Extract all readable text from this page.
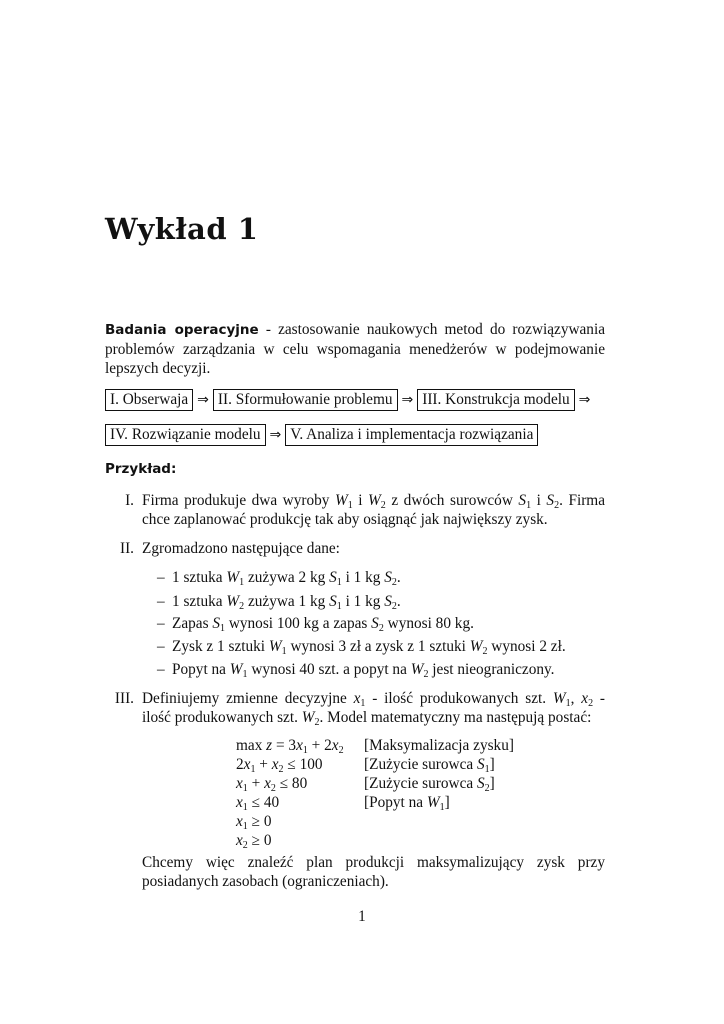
Wykład 1

Badania operacyjne - zastosowanie naukowych metod do rozwiązywania problemów zarządzania w celu wspomagania menedżerów w podejmowanie lepszych decyzji.

I. Obserwaja ⇒ II. Sformułowanie problemu ⇒ III. Konstrukcja modelu ⇒
IV. Rozwiązanie modelu ⇒ V. Analiza i implementacja rozwiązania
Przykład:
I. Firma produkuje dwa wyroby $W_1$ i $W_2$ z dwóch surowców $S_1$ i $S_2$. Firma chce zaplanować produkcję tak aby osiągnąć jak największy zysk.

II. Zgromadzono następujące dane:

– 1 sztuka $W_1$ zużywa 2 kg $S_1$ i 1 kg $S_2$.

– 1 sztuka $W_2$ zużywa 1 kg $S_1$ i 1 kg $S_2$.

– Zapas $S_1$ wynosi 100 kg a zapas $S_2$ wynosi 80 kg.

– Zysk z 1 sztuki $W_1$ wynosi 3 zł a zysk z 1 sztuki $W_2$ wynosi 2 zł.

– Popyt na $W_1$ wynosi 40 szt. a popyt na $W_2$ jest nieograniczony.

III. Definiujemy zmienne decyzyjne $x_1$ - ilość produkowanych szt. $W_1$, $x_2$ - ilość produkowanych szt. $W_2$. Model matematyczny ma następują postać:

$\max z = 3x_1 + 2x_2$	[Maksymalizacja zysku]
$2x_1 + x_2 \le 100$	[Zużycie surowca $S_1$]
$x_1 + x_2 \le 80$	[Zużycie surowca $S_2$]
$x_1 \le 40$	[Popyt na $W_1$]
$x_1 \ge 0$
$x_2 \ge 0$

Chcemy więc znaleźć plan produkcji maksymalizujący zysk przy posiadanych zasobach (ograniczeniach).

1
